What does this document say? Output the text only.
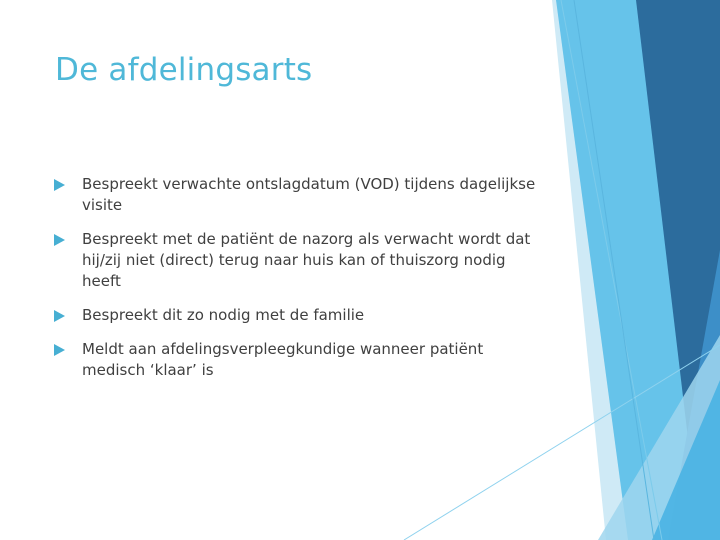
De afdelingsarts
Bespreekt verwachte ontslagdatum (VOD) tijdens dagelijkse visite
Bespreekt met de patiënt de nazorg als verwacht wordt dat hij/zij niet (direct) terug naar huis kan of thuiszorg nodig heeft
Bespreekt dit zo nodig met de familie
Meldt aan afdelingsverpleegkundige wanneer patiënt medisch ‘klaar’ is
